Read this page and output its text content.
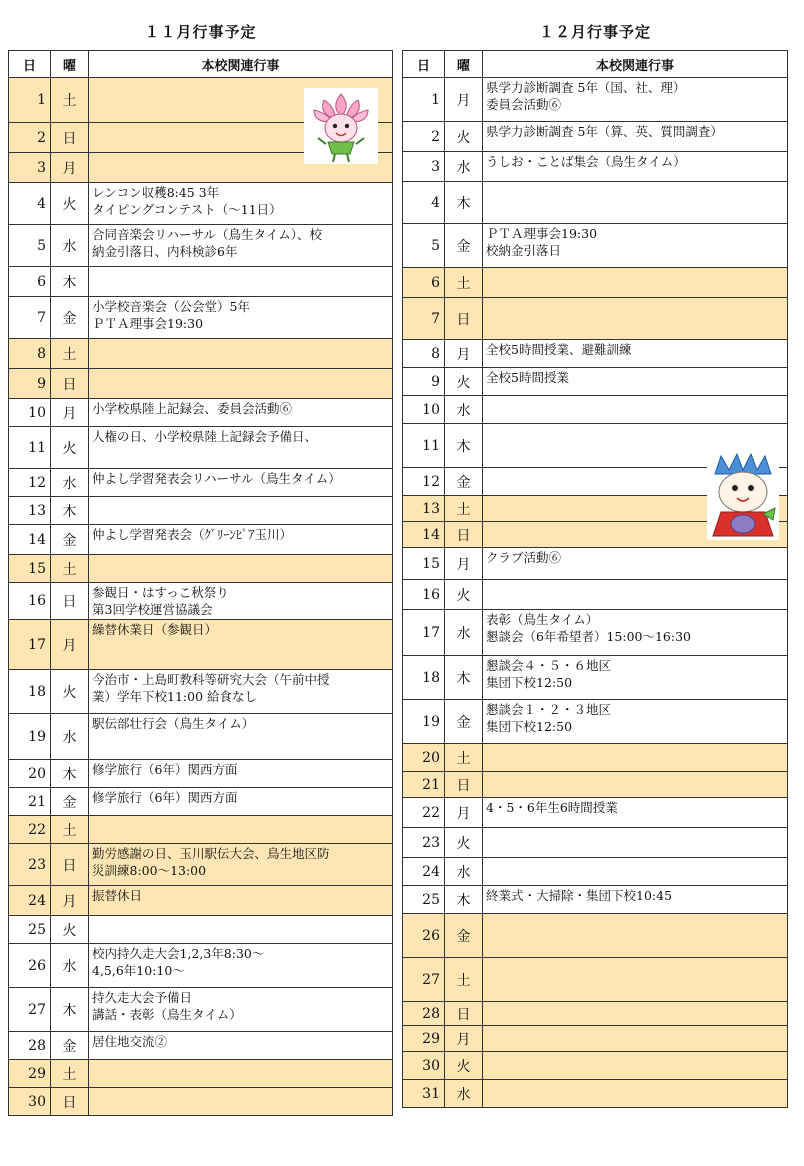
１１月行事予定
日	曜	本校関連行事
1	土	
2	日	
3	月	
4	火	レンコン収穫8:45 3年
タイピングコンテスト（～11日）
5	水	合同音楽会リハーサル（鳥生タイム）、校
納金引落日、内科検診6年
6	木	
7	金	小学校音楽会（公会堂）5年
ＰＴＡ理事会19:30
8	土	
9	日	
10	月	小学校県陸上記録会、委員会活動⑥
11	火	人権の日、小学校県陸上記録会予備日、
12	水	仲よし学習発表会リハーサル（鳥生タイム）
13	木	
14	金	仲よし学習発表会（ｸﾞﾘｰﾝﾋﾟｱ玉川）
15	土	
16	日	参観日・はすっこ秋祭り
第3回学校運営協議会
17	月	繰替休業日（参観日）
18	火	今治市・上島町教科等研究大会（午前中授
業）学年下校11:00 給食なし
19	水	駅伝部壮行会（鳥生タイム）
20	木	修学旅行（6年）関西方面
21	金	修学旅行（6年）関西方面
22	土	
23	日	勤労感謝の日、玉川駅伝大会、鳥生地区防
災訓練8:00～13:00
24	月	振替休日
25	火	
26	水	校内持久走大会1,2,3年8:30～
4,5,6年10:10～
27	木	持久走大会予備日
講話・表彰（鳥生タイム）
28	金	居住地交流②
29	土	
30	日	
１２月行事予定
日	曜	本校関連行事
1	月	県学力診断調査 5年（国、社、理）
委員会活動⑥
2	火	県学力診断調査 5年（算、英、質問調査）
3	水	うしお・ことば集会（鳥生タイム）
4	木	
5	金	ＰＴＡ理事会19:30
校納金引落日
6	土	
7	日	
8	月	全校5時間授業、避難訓練
9	火	全校5時間授業
10	水	
11	木	
12	金	
13	土	
14	日	
15	月	クラブ活動⑥
16	火	
17	水	表彰（鳥生タイム）
懇談会（6年希望者）15:00～16:30
18	木	懇談会４・５・６地区
集団下校12:50
19	金	懇談会１・２・３地区
集団下校12:50
20	土	
21	日	
22	月	4・5・6年生6時間授業
23	火	
24	水	
25	木	終業式・大掃除・集団下校10:45
26	金	
27	土	
28	日	
29	月	
30	火	
31	水	
